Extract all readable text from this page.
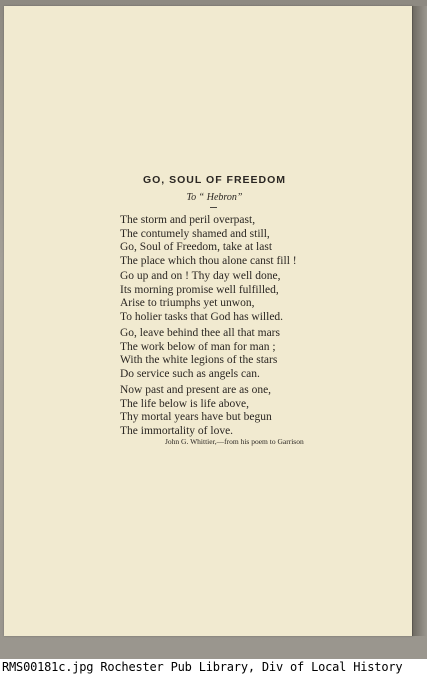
GO, SOUL OF FREEDOM
To “ Hebron”
The storm and peril overpast,
The contumely shamed and still,
Go, Soul of Freedom, take at last
The place which thou alone canst fill !
Go up and on ! Thy day well done,
Its morning promise well fulfilled,
Arise to triumphs yet unwon,
To holier tasks that God has willed.
Go, leave behind thee all that mars
The work below of man for man ;
With the white legions of the stars
Do service such as angels can.
Now past and present are as one,
The life below is life above,
Thy mortal years have but begun
The immortality of love.
John G. Whittier,—from his poem to Garrison
RMS00181c.jpg Rochester Pub Library, Div of Local History
